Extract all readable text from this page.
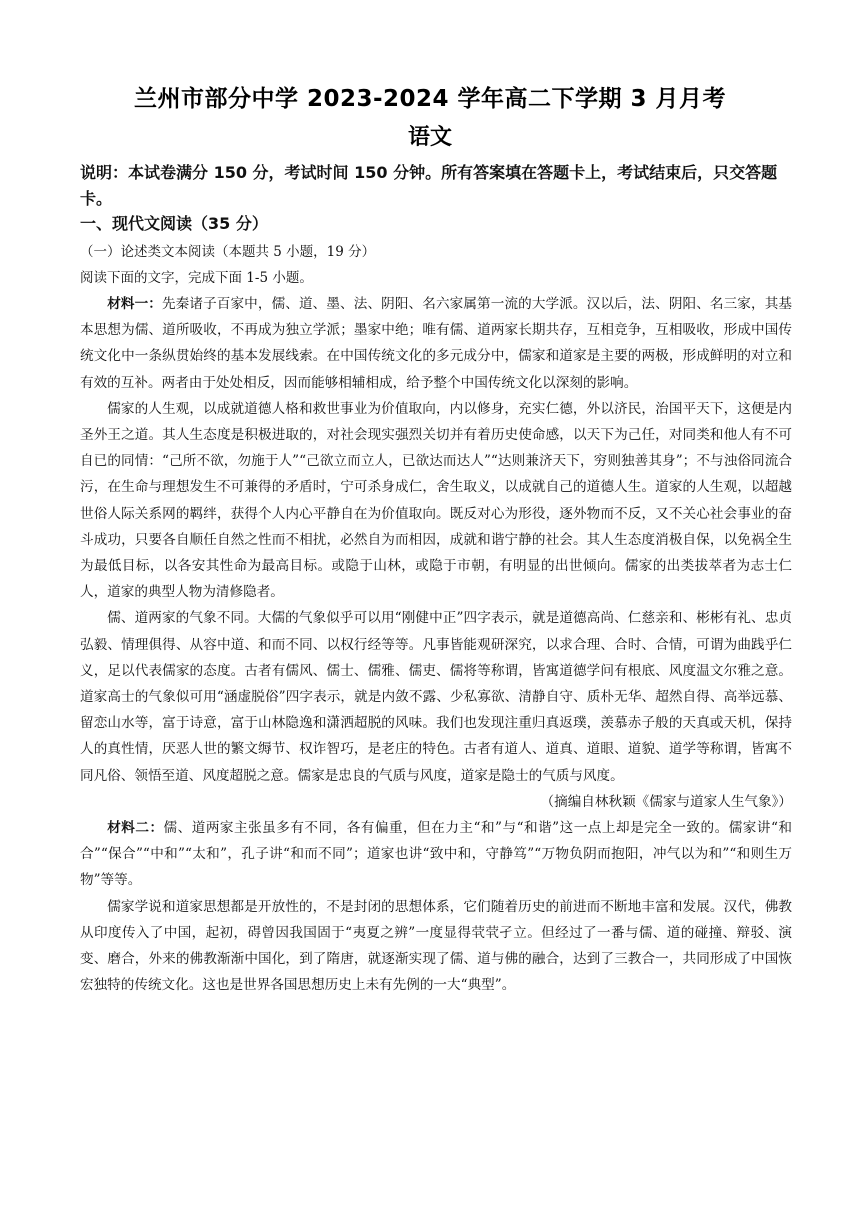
兰州市部分中学 2023-2024 学年高二下学期 3 月月考
语文
说明：本试卷满分 150 分，考试时间 150 分钟。所有答案填在答题卡上，考试结束后，只交答题卡。
一、现代文阅读（35 分）
（一）论述类文本阅读（本题共 5 小题，19 分）
阅读下面的文字，完成下面 1-5 小题。

材料一：先秦诸子百家中，儒、道、墨、法、阴阳、名六家属第一流的大学派。汉以后，法、阴阳、名三家，其基本思想为儒、道所吸收，不再成为独立学派；墨家中绝；唯有儒、道两家长期共存，互相竞争，互相吸收，形成中国传统文化中一条纵贯始终的基本发展线索。在中国传统文化的多元成分中，儒家和道家是主要的两极，形成鲜明的对立和有效的互补。两者由于处处相反，因而能够相辅相成，给予整个中国传统文化以深刻的影响。

儒家的人生观，以成就道德人格和救世事业为价值取向，内以修身，充实仁德，外以济民，治国平天下，这便是内圣外王之道。其人生态度是积极进取的，对社会现实强烈关切并有着历史使命感，以天下为己任，对同类和他人有不可自已的同情：“己所不欲，勿施于人”“己欲立而立人，已欲达而达人”“达则兼济天下，穷则独善其身”；不与浊俗同流合污，在生命与理想发生不可兼得的矛盾时，宁可杀身成仁，舍生取义，以成就自己的道德人生。道家的人生观，以超越世俗人际关系网的羁绊，获得个人内心平静自在为价值取向。既反对心为形役，逐外物而不反，又不关心社会事业的奋斗成功，只要各自顺任自然之性而不相扰，必然自为而相因，成就和谐宁静的社会。其人生态度消极自保，以免祸全生为最低目标，以各安其性命为最高目标。或隐于山林，或隐于市朝，有明显的出世倾向。儒家的出类拔萃者为志士仁人，道家的典型人物为清修隐者。

儒、道两家的气象不同。大儒的气象似乎可以用“刚健中正”四字表示，就是道德高尚、仁慈亲和、彬彬有礼、忠贞弘毅、情理俱得、从容中道、和而不同、以权行经等等。凡事皆能观研深究，以求合理、合时、合情，可谓为曲践乎仁义，足以代表儒家的态度。古者有儒风、儒士、儒雅、儒吏、儒将等称谓，皆寓道德学问有根底、风度温文尔雅之意。道家高士的气象似可用“涵虚脱俗”四字表示，就是内敛不露、少私寡欲、清静自守、质朴无华、超然自得、高举远慕、留恋山水等，富于诗意，富于山林隐逸和潇洒超脱的风味。我们也发现注重归真返璞，羡慕赤子般的天真或天机，保持人的真性情，厌恶人世的繁文缛节、权诈智巧，是老庄的特色。古者有道人、道真、道眼、道貌、道学等称谓，皆寓不同凡俗、领悟至道、风度超脱之意。儒家是忠良的气质与风度，道家是隐士的气质与风度。

（摘编自林秋颖《儒家与道家人生气象》）

材料二：儒、道两家主张虽多有不同，各有偏重，但在力主“和”与“和谐”这一点上却是完全一致的。儒家讲“和合”“保合”“中和”“太和”，孔子讲“和而不同”；道家也讲“致中和，守静笃”“万物负阴而抱阳，冲气以为和”“和则生万物”等等。

儒家学说和道家思想都是开放性的，不是封闭的思想体系，它们随着历史的前进而不断地丰富和发展。汉代，佛教从印度传入了中国，起初，碍曾因我国固于“夷夏之辨”一度显得茕茕孑立。但经过了一番与儒、道的碰撞、辩驳、演变、磨合，外来的佛教渐渐中国化，到了隋唐，就逐渐实现了儒、道与佛的融合，达到了三教合一，共同形成了中国恢宏独特的传统文化。这也是世界各国思想历史上未有先例的一大“典型”。
